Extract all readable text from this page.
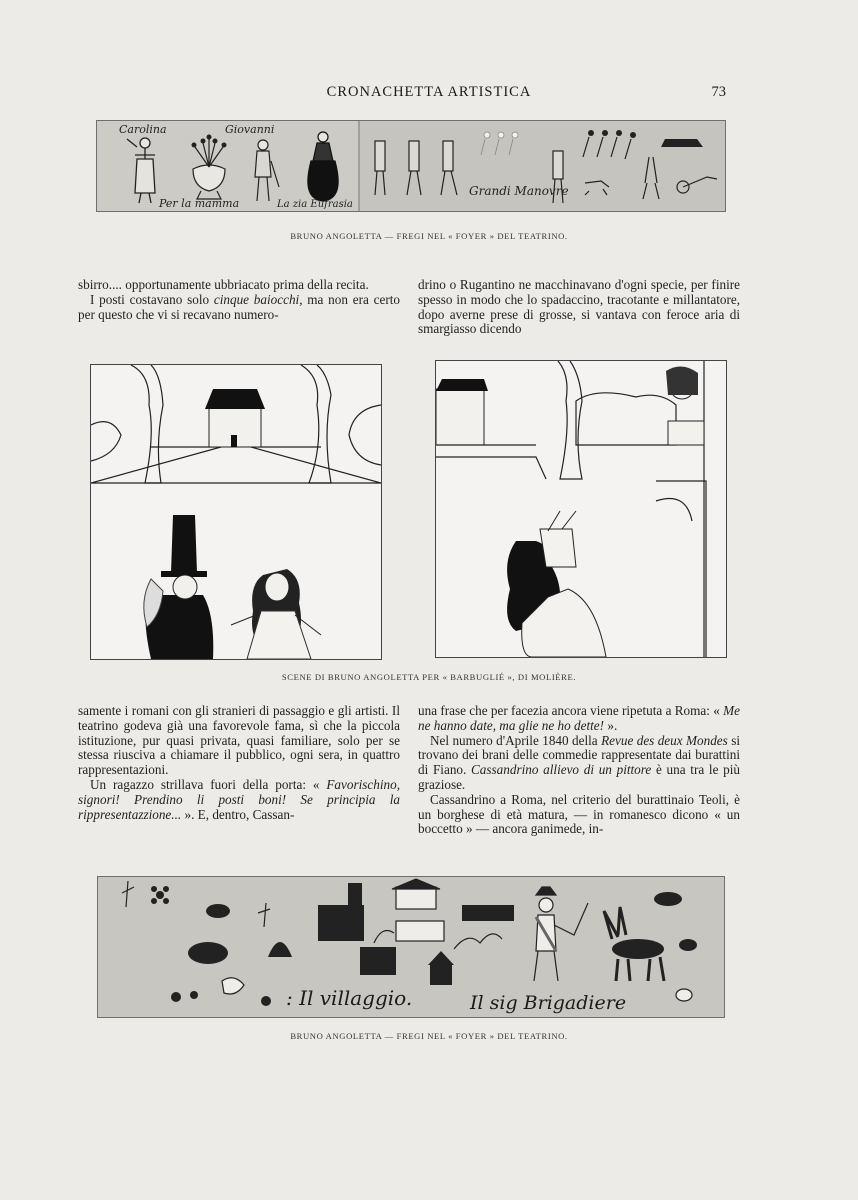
CRONACHETTA ARTISTICA	73
Carolina	Giovanni
Per la mamma	La zia Eufrasia
Grandi Manovre
BRUNO ANGOLETTA — FREGI NEL « FOYER » DEL TEATRINO.

sbirro.... opportunamente ubbriacato prima della recita.

I posti costavano solo cinque baiocchi, ma non era certo per questo che vi si recavano numero-

drino o Rugantino ne macchinavano d'ogni specie, per finire spesso in modo che lo spadaccino, tracotante e millantatore, dopo averne prese di grosse, si vantava con feroce aria di smargiasso dicendo

SCENE DI BRUNO ANGOLETTA PER « BARBUGLIÉ », DI MOLIÈRE.

samente i romani con gli stranieri di passaggio e gli artisti. Il teatrino godeva già una favorevole fama, sì che la piccola istituzione, pur quasi privata, quasi familiare, solo per se stessa riusciva a chiamare il pubblico, ogni sera, in quattro rappresentazioni.

Un ragazzo strillava fuori della porta: « Favorischino, signori! Prendino li posti boni! Se principia la rippresentazzione... ». E, dentro, Cassan-

una frase che per facezia ancora viene ripetuta a Roma: « Me ne hanno date, ma glie ne ho dette! ».

Nel numero d'Aprile 1840 della Revue des deux Mondes si trovano dei brani delle commedie rappresentate dai burattini di Fiano. Cassandrino allievo di un pittore è una tra le più graziose.

Cassandrino a Roma, nel criterio del burattinaio Teoli, è un borghese di età matura, — in romanesco dicono « un boccetto » — ancora ganimede, in-

: Il villaggio.	Il sig Brigadiere
BRUNO ANGOLETTA — FREGI NEL « FOYER » DEL TEATRINO.
